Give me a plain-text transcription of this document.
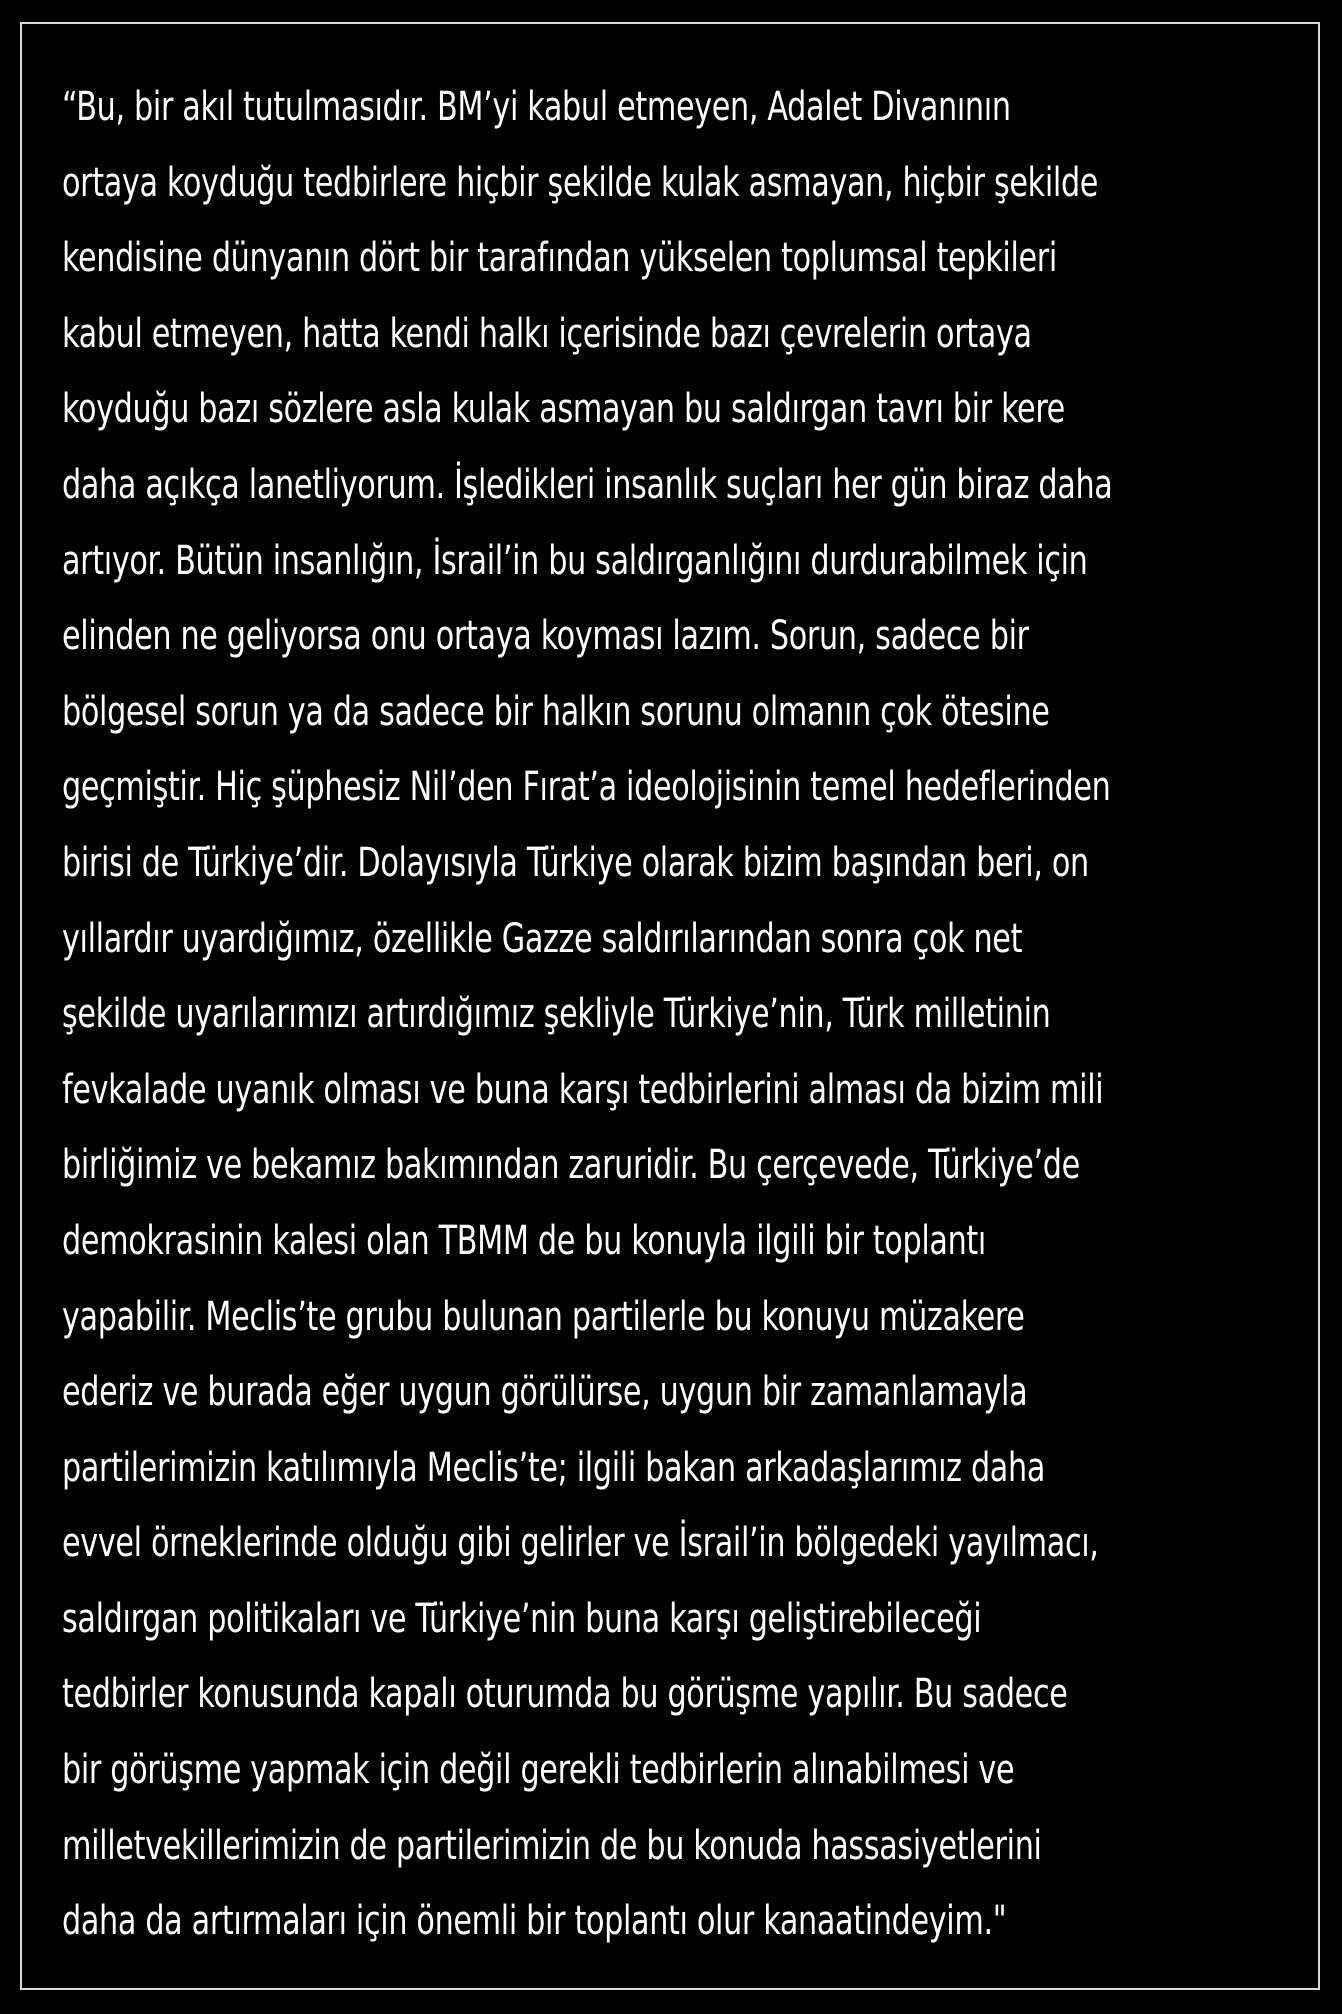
“Bu, bir akıl tutulmasıdır. BM’yi kabul etmeyen, Adalet Divanının
ortaya koyduğu tedbirlere hiçbir şekilde kulak asmayan, hiçbir şekilde
kendisine dünyanın dört bir tarafından yükselen toplumsal tepkileri
kabul etmeyen, hatta kendi halkı içerisinde bazı çevrelerin ortaya
koyduğu bazı sözlere asla kulak asmayan bu saldırgan tavrı bir kere
daha açıkça lanetliyorum. İşledikleri insanlık suçları her gün biraz daha
artıyor. Bütün insanlığın, İsrail’in bu saldırganlığını durdurabilmek için
elinden ne geliyorsa onu ortaya koyması lazım. Sorun, sadece bir
bölgesel sorun ya da sadece bir halkın sorunu olmanın çok ötesine
geçmiştir. Hiç şüphesiz Nil’den Fırat’a ideolojisinin temel hedeflerinden
birisi de Türkiye’dir. Dolayısıyla Türkiye olarak bizim başından beri, on
yıllardır uyardığımız, özellikle Gazze saldırılarından sonra çok net
şekilde uyarılarımızı artırdığımız şekliyle Türkiye’nin, Türk milletinin
fevkalade uyanık olması ve buna karşı tedbirlerini alması da bizim mili
birliğimiz ve bekamız bakımından zaruridir. Bu çerçevede, Türkiye’de
demokrasinin kalesi olan TBMM de bu konuyla ilgili bir toplantı
yapabilir. Meclis’te grubu bulunan partilerle bu konuyu müzakere
ederiz ve burada eğer uygun görülürse, uygun bir zamanlamayla
partilerimizin katılımıyla Meclis’te; ilgili bakan arkadaşlarımız daha
evvel örneklerinde olduğu gibi gelirler ve İsrail’in bölgedeki yayılmacı,
saldırgan politikaları ve Türkiye’nin buna karşı geliştirebileceği
tedbirler konusunda kapalı oturumda bu görüşme yapılır. Bu sadece
bir görüşme yapmak için değil gerekli tedbirlerin alınabilmesi ve
milletvekillerimizin de partilerimizin de bu konuda hassasiyetlerini
daha da artırmaları için önemli bir toplantı olur kanaatindeyim."
